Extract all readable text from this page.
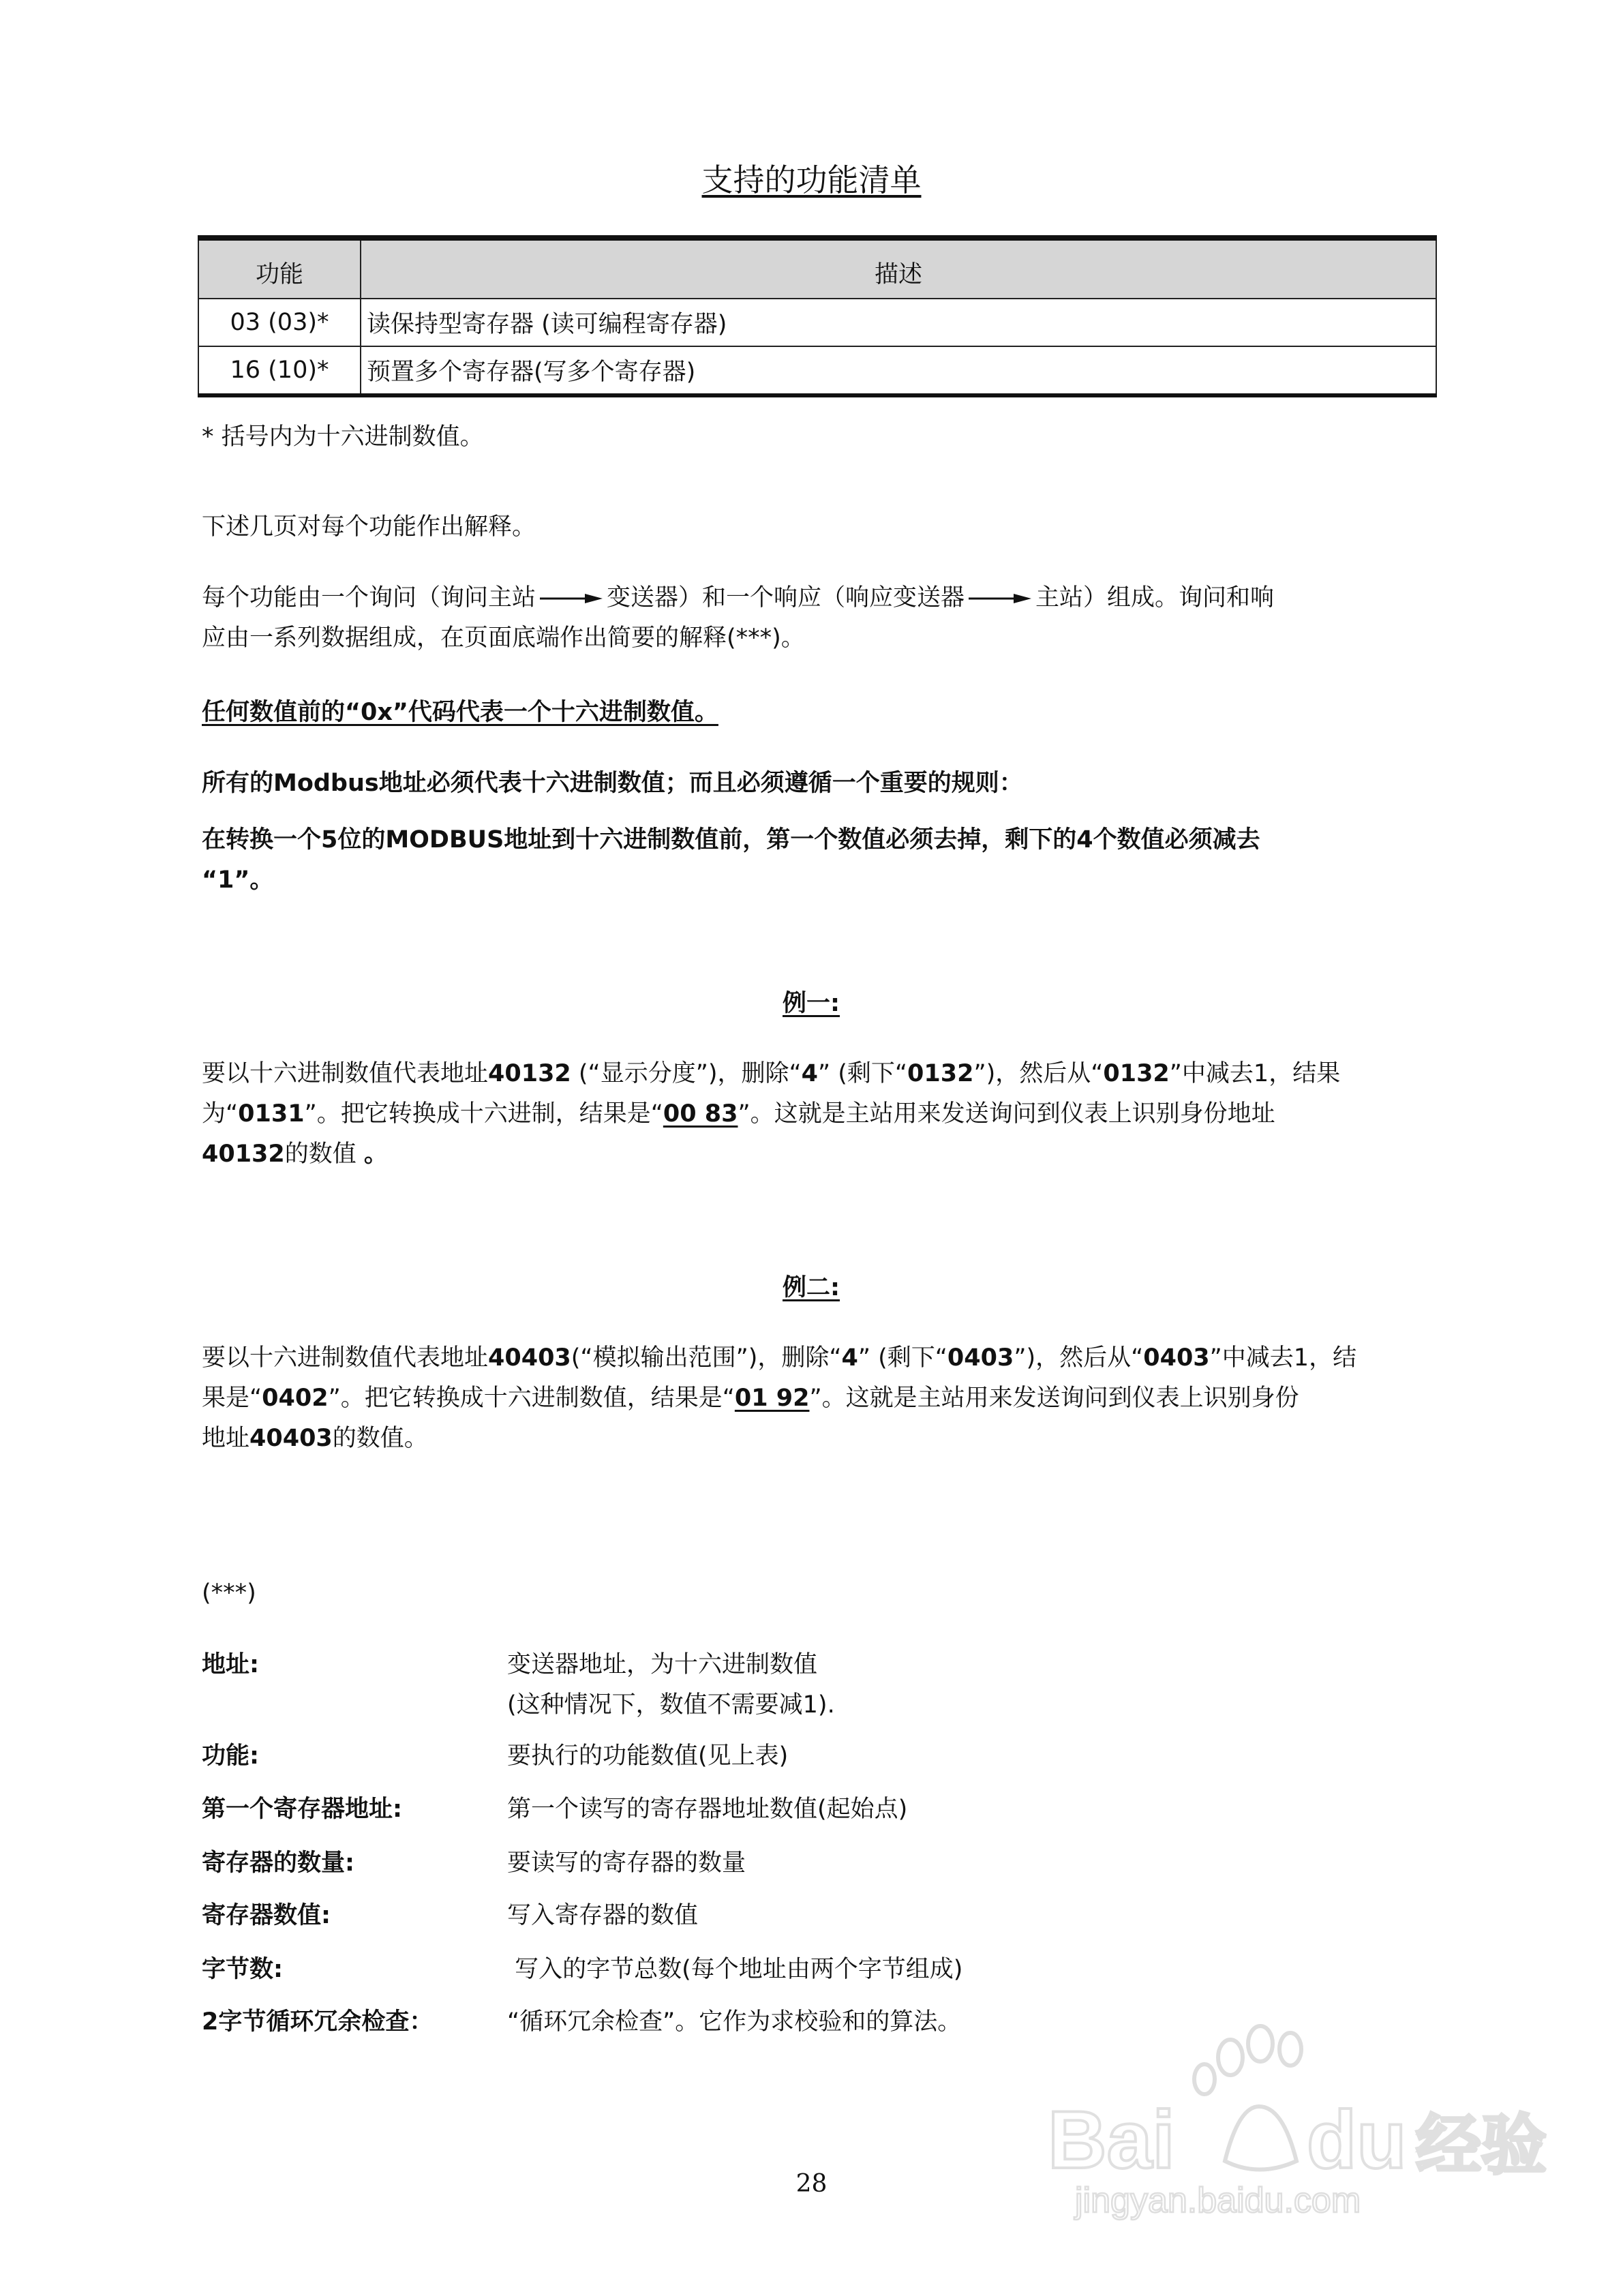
支持的功能清单
功能	描述
03 (03)*	读保持型寄存器 (读可编程寄存器)
16 (10)*	预置多个寄存器(写多个寄存器)
* 括号内为十六进制数值。
下述几页对每个功能作出解释。
每个功能由一个询问（询问主站	变送器）和一个响应（响应变送器	主站）组成。询问和响
应由一系列数据组成，在页面底端作出简要的解释(***)。
任何数值前的“0x”代码代表一个十六进制数值。
所有的Modbus地址必须代表十六进制数值；而且必须遵循一个重要的规则：
在转换一个5位的MODBUS地址到十六进制数值前，第一个数值必须去掉，剩下的4个数值必须减去
“1”。
例一:
要以十六进制数值代表地址40132 (“显示分度”)，删除“4” (剩下“0132”)，然后从“0132”中减去1，结果
为“0131”。把它转换成十六进制，结果是“00 83”。这就是主站用来发送询问到仪表上识别身份地址
40132的数值 。
例二:
要以十六进制数值代表地址40403(“模拟输出范围”)，删除“4” (剩下“0403”)，然后从“0403”中减去1，结
果是“0402”。把它转换成十六进制数值，结果是“01 92”。这就是主站用来发送询问到仪表上识别身份
地址40403的数值。
(***)
地址:	变送器地址，为十六进制数值
(这种情况下，数值不需要减1).
功能:	要执行的功能数值(见上表)
第一个寄存器地址:	第一个读写的寄存器地址数值(起始点)
寄存器的数量:	要读写的寄存器的数量
寄存器数值:	写入寄存器的数值
字节数:	写入的字节总数(每个地址由两个字节组成)
2字节循环冗余检查：	“循环冗余检查”。它作为求校验和的算法。
28	Bai du 经验
jingyan.baidu.com
